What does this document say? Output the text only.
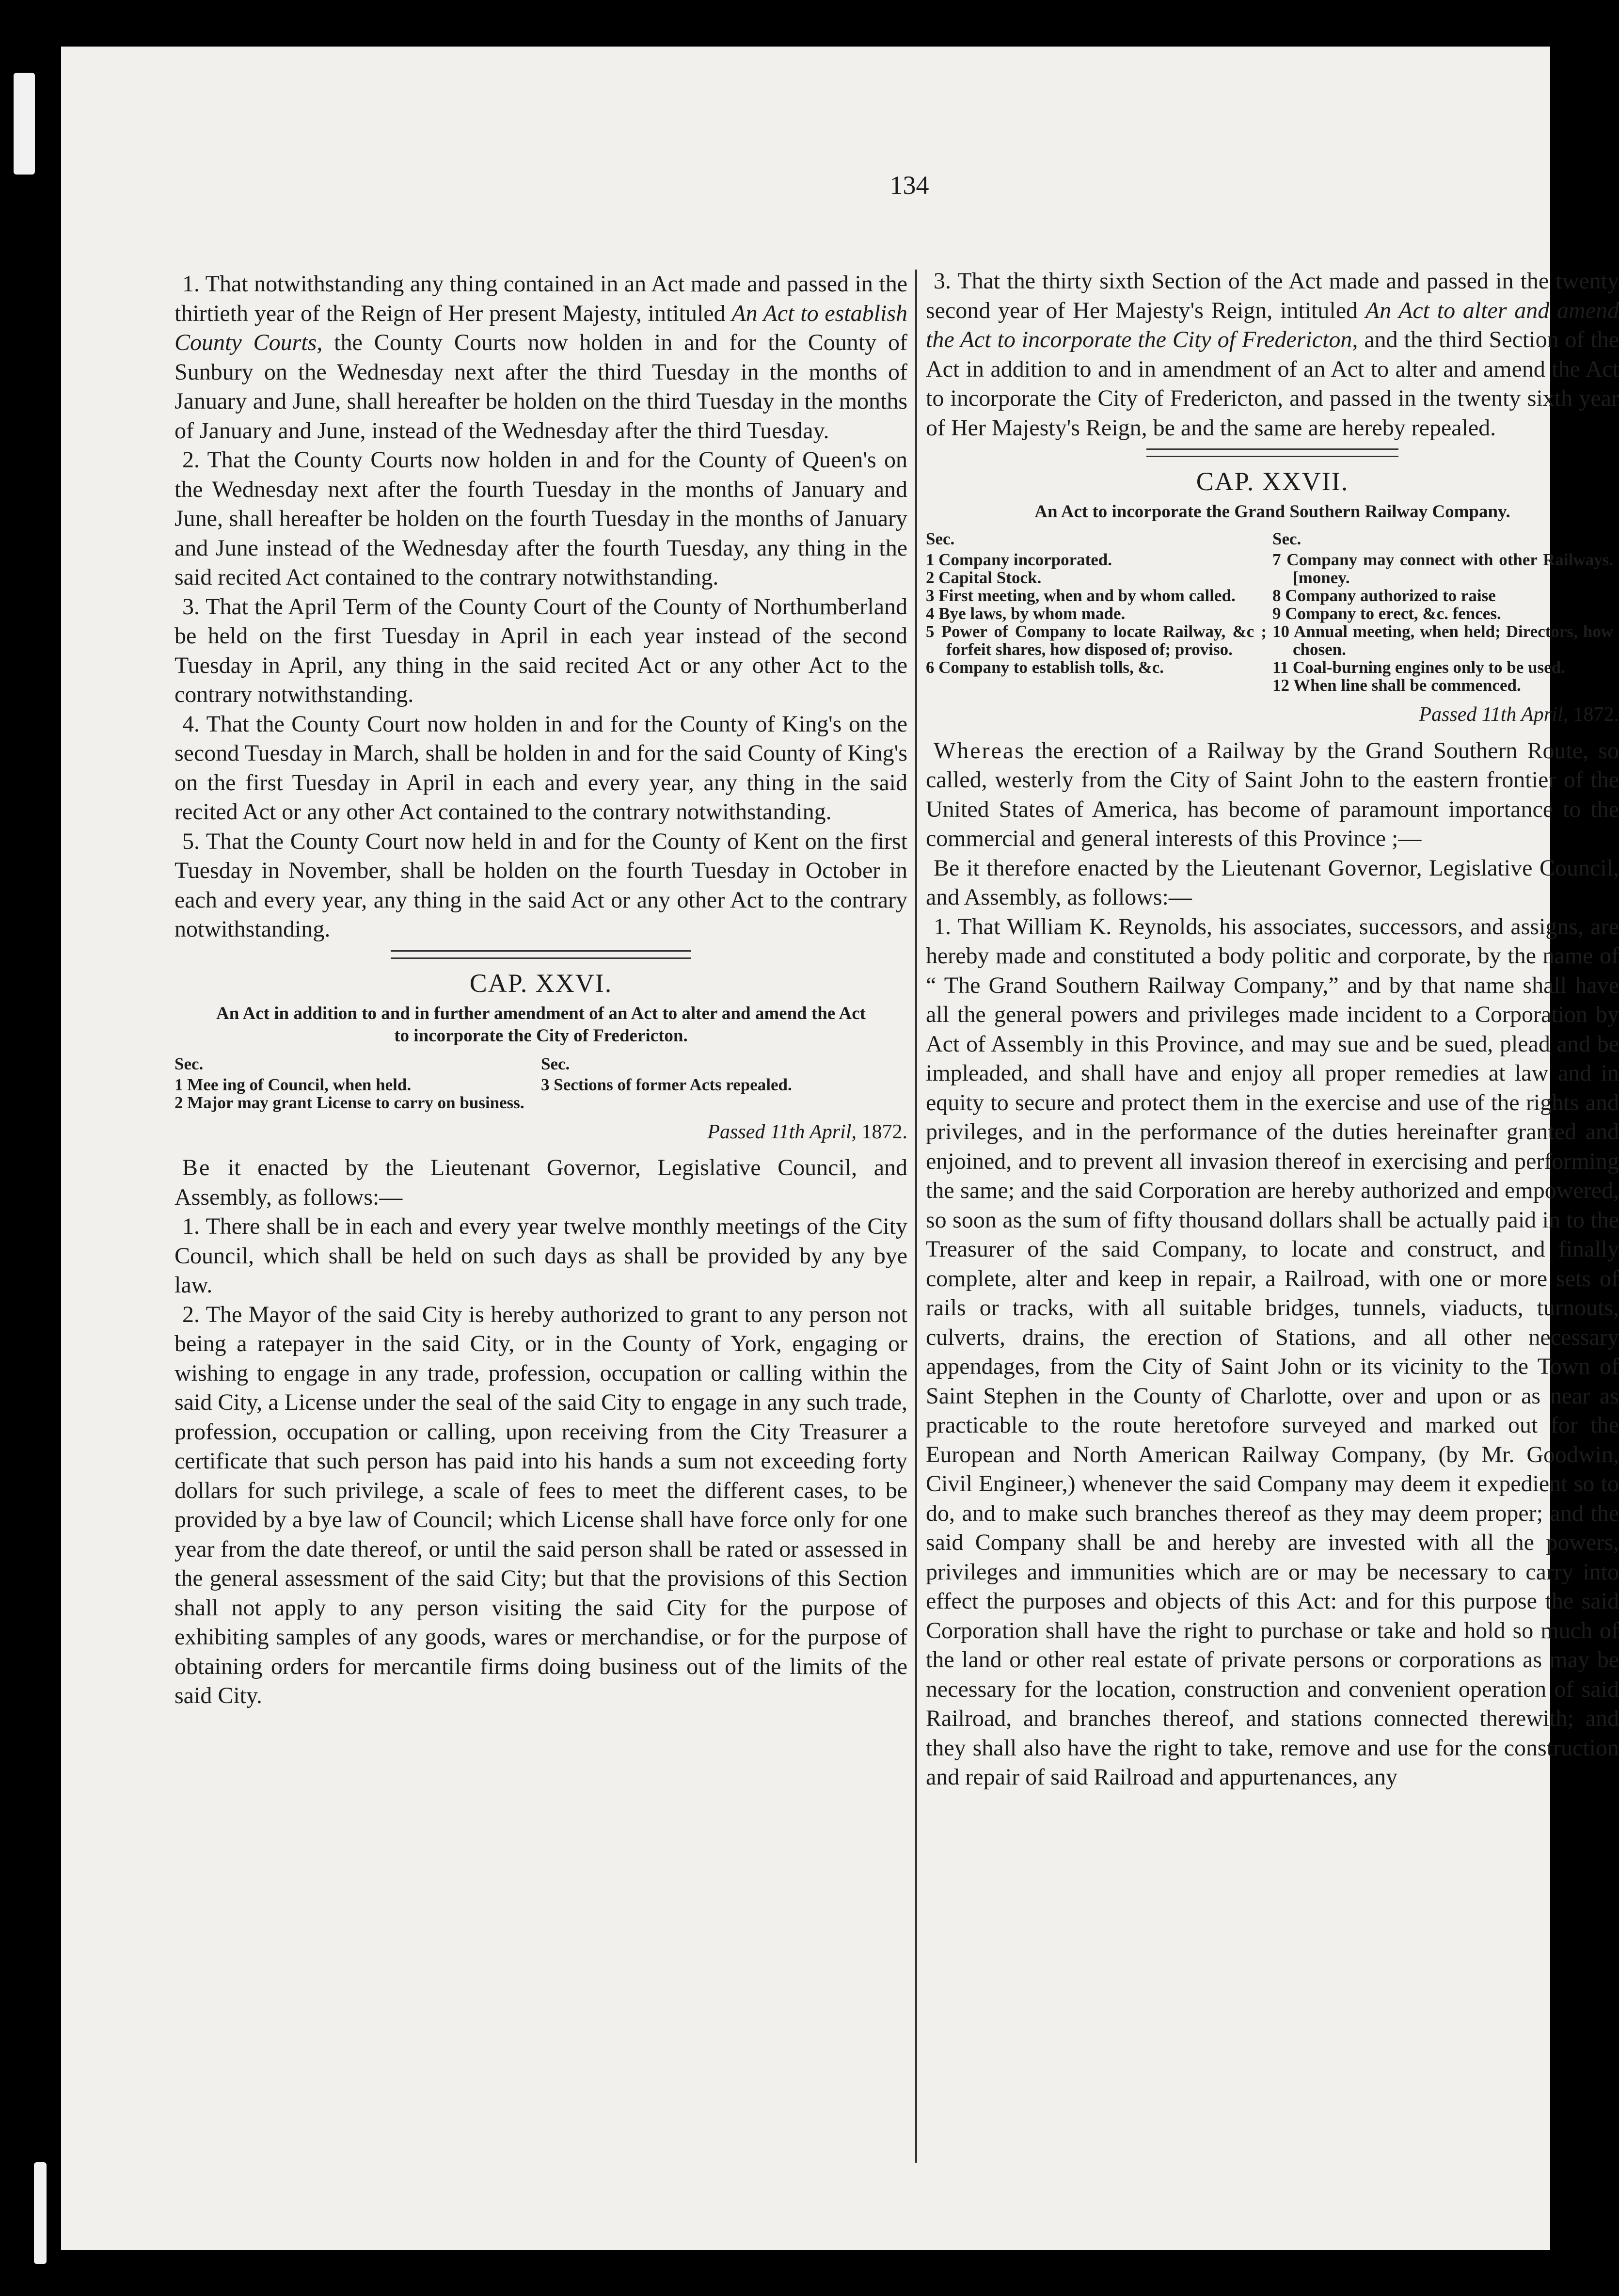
134

1. That notwithstanding any thing contained in an Act made and passed in the thirtieth year of the Reign of Her present Majesty, intituled An Act to establish County Courts, the County Courts now holden in and for the County of Sunbury on the Wednesday next after the third Tuesday in the months of January and June, shall hereafter be holden on the third Tuesday in the months of January and June, instead of the Wednesday after the third Tuesday.

2. That the County Courts now holden in and for the County of Queen's on the Wednesday next after the fourth Tuesday in the months of January and June, shall hereafter be holden on the fourth Tuesday in the months of January and June instead of the Wednesday after the fourth Tuesday, any thing in the said recited Act contained to the contrary notwithstanding.

3. That the April Term of the County Court of the County of Northumberland be held on the first Tuesday in April in each year instead of the second Tuesday in April, any thing in the said recited Act or any other Act to the contrary notwithstanding.

4. That the County Court now holden in and for the County of King's on the second Tuesday in March, shall be holden in and for the said County of King's on the first Tuesday in April in each and every year, any thing in the said recited Act or any other Act contained to the contrary notwithstanding.

5. That the County Court now held in and for the County of Kent on the first Tuesday in November, shall be holden on the fourth Tuesday in October in each and every year, any thing in the said Act or any other Act to the contrary notwithstanding.

CAP. XXVI.
An Act in addition to and in further amendment of an Act to alter and amend the Act to incorporate the City of Fredericton.
Sec.
1 Mee ing of Council, when held.
2 Major may grant License to carry on business.
Sec.
3 Sections of former Acts repealed.
Passed 11th April, 1872.

Be it enacted by the Lieutenant Governor, Legislative Council, and Assembly, as follows:—

1. There shall be in each and every year twelve monthly meetings of the City Council, which shall be held on such days as shall be provided by any bye law.

2. The Mayor of the said City is hereby authorized to grant to any person not being a ratepayer in the said City, or in the County of York, engaging or wishing to engage in any trade, profession, occupation or calling within the said City, a License under the seal of the said City to engage in any such trade, profession, occupation or calling, upon receiving from the City Treasurer a certificate that such person has paid into his hands a sum not exceeding forty dollars for such privilege, a scale of fees to meet the different cases, to be provided by a bye law of Council; which License shall have force only for one year from the date thereof, or until the said person shall be rated or assessed in the general assessment of the said City; but that the provisions of this Section shall not apply to any person visiting the said City for the purpose of exhibiting samples of any goods, wares or merchandise, or for the purpose of obtaining orders for mercantile firms doing business out of the limits of the said City.

3. That the thirty sixth Section of the Act made and passed in the twenty second year of Her Majesty's Reign, intituled An Act to alter and amend the Act to incorporate the City of Fredericton, and the third Section of the Act in addition to and in amendment of an Act to alter and amend the Act to incorporate the City of Fredericton, and passed in the twenty sixth year of Her Majesty's Reign, be and the same are hereby repealed.

CAP. XXVII.
An Act to incorporate the Grand Southern Railway Company.
Sec.
1 Company incorporated.
2 Capital Stock.
3 First meeting, when and by whom called.
4 Bye laws, by whom made.
5 Power of Company to locate Railway, &c ; forfeit shares, how disposed of; proviso.
6 Company to establish tolls, &c.
Sec.
7 Company may connect with other Railways. [money.
8 Company authorized to raise
9 Company to erect, &c. fences.
10 Annual meeting, when held; Directors, how chosen.
11 Coal-burning engines only to be used.
12 When line shall be commenced.
Passed 11th April, 1872.

Whereas the erection of a Railway by the Grand Southern Route, so called, westerly from the City of Saint John to the eastern frontier of the United States of America, has become of paramount importance to the commercial and general interests of this Province ;—

Be it therefore enacted by the Lieutenant Governor, Legislative Council, and Assembly, as follows:—

1. That William K. Reynolds, his associates, successors, and assigns, are hereby made and constituted a body politic and corporate, by the name of “ The Grand Southern Railway Company,” and by that name shall have all the general powers and privileges made incident to a Corporation by Act of Assembly in this Province, and may sue and be sued, plead and be impleaded, and shall have and enjoy all proper remedies at law and in equity to secure and protect them in the exercise and use of the rights and privileges, and in the performance of the duties hereinafter granted and enjoined, and to prevent all invasion thereof in exercising and performing the same; and the said Corporation are hereby authorized and empowered, so soon as the sum of fifty thousand dollars shall be actually paid in to the Treasurer of the said Company, to locate and construct, and finally complete, alter and keep in repair, a Railroad, with one or more sets of rails or tracks, with all suitable bridges, tunnels, viaducts, turnouts, culverts, drains, the erection of Stations, and all other necessary appendages, from the City of Saint John or its vicinity to the Town of Saint Stephen in the County of Charlotte, over and upon or as near as practicable to the route heretofore surveyed and marked out for the European and North American Railway Company, (by Mr. Goodwin, Civil Engineer,) whenever the said Company may deem it expedient so to do, and to make such branches thereof as they may deem proper; and the said Company shall be and hereby are invested with all the powers, privileges and immunities which are or may be necessary to carry into effect the purposes and objects of this Act: and for this purpose the said Corporation shall have the right to purchase or take and hold so much of the land or other real estate of private persons or corporations as may be necessary for the location, construction and convenient operation of said Railroad, and branches thereof, and stations connected therewith; and they shall also have the right to take, remove and use for the construction and repair of said Railroad and appurtenances, any
